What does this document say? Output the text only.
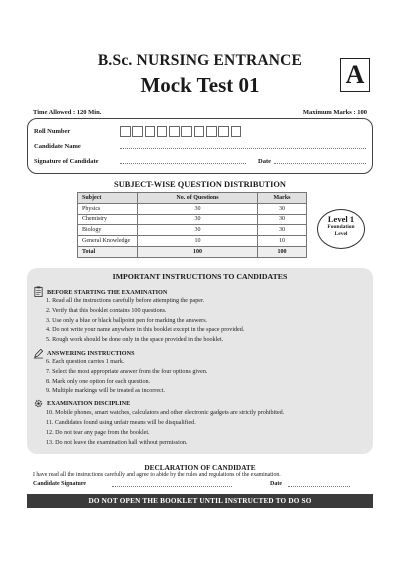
B.Sc. NURSING ENTRANCE
Mock Test 01	A
Time Allowed : 120 Min.	Maximum Marks : 100
Roll Number
Candidate Name
Signature of Candidate	Date
SUBJECT-WISE QUESTION DISTRIBUTION
Subject	No. of Questions	Marks
Physics	30	30
Chemistry	30	30
Biology	30	30
General Knowledge	10	10
Total	100	100
Level 1
Foundation
Level
IMPORTANT INSTRUCTIONS TO CANDIDATES
BEFORE STARTING THE EXAMINATION
1. Read all the instructions carefully before attempting the paper.
2. Verify that this booklet contains 100 questions.
3. Use only a blue or black ballpoint pen for marking the answers.
4. Do not write your name anywhere in this booklet except in the space provided.
5. Rough work should be done only in the space provided in the booklet.
ANSWERING INSTRUCTIONS
6. Each question carries 1 mark.
7. Select the most appropriate answer from the four options given.
8. Mark only one option for each question.
9. Multiple markings will be treated as incorrect.
EXAMINATION DISCIPLINE
10. Mobile phones, smart watches, calculators and other electronic gadgets are strictly prohibited.
11. Candidates found using unfair means will be disqualified.
12. Do not tear any page from the booklet.
13. Do not leave the examination hall without permission.
DECLARATION OF CANDIDATE
I have read all the instructions carefully and agree to abide by the rules and regulations of the examination.
Candidate Signature	Date
DO NOT OPEN THE BOOKLET UNTIL INSTRUCTED TO DO SO
